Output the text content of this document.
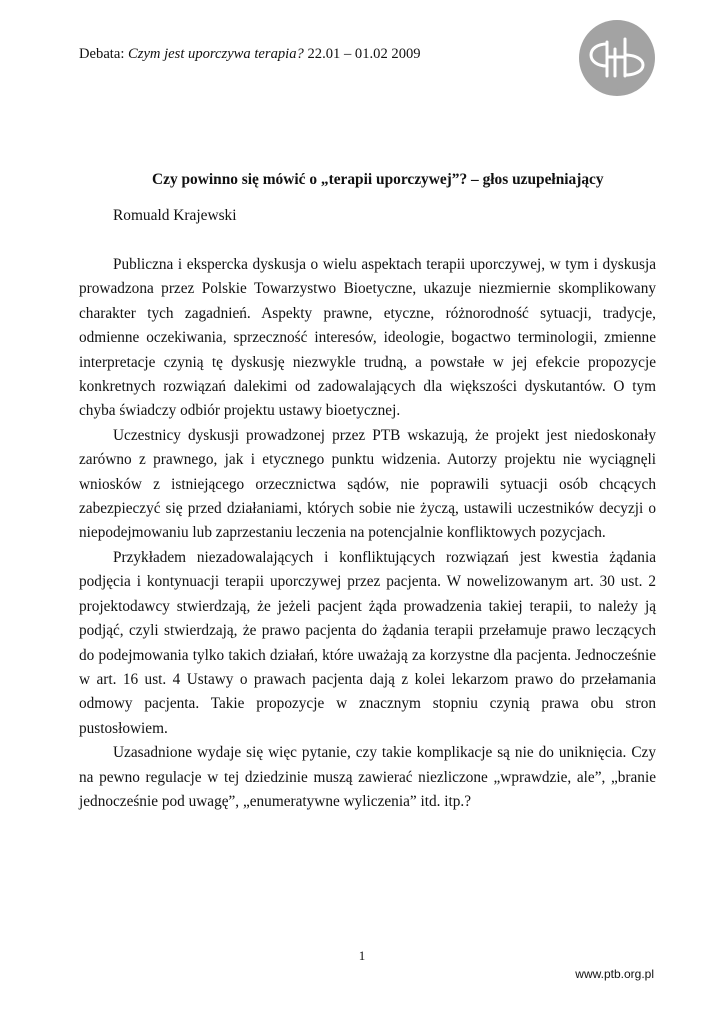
Debata: Czym jest uporczywa terapia? 22.01 – 01.02 2009
ptb
Czy powinno się mówić o „terapii uporczywej”? – głos uzupełniający
Romuald Krajewski

Publiczna i ekspercka dyskusja o wielu aspektach terapii uporczywej, w tym i dyskusja prowadzona przez Polskie Towarzystwo Bioetyczne, ukazuje niezmiernie skomplikowany charakter tych zagadnień. Aspekty prawne, etyczne, różnorodność sytuacji, tradycje, odmienne oczekiwania, sprzeczność interesów, ideologie, bogactwo terminologii, zmienne interpretacje czynią tę dyskusję niezwykle trudną, a powstałe w jej efekcie propozycje konkretnych rozwiązań dalekimi od zadowalających dla większości dyskutantów. O tym chyba świadczy odbiór projektu ustawy bioetycznej.

Uczestnicy dyskusji prowadzonej przez PTB wskazują, że projekt jest niedoskonały zarówno z prawnego, jak i etycznego punktu widzenia. Autorzy projektu nie wyciągnęli wniosków z istniejącego orzecznictwa sądów, nie poprawili sytuacji osób chcących zabezpieczyć się przed działaniami, których sobie nie życzą, ustawili uczestników decyzji o niepodejmowaniu lub zaprzestaniu leczenia na potencjalnie konfliktowych pozycjach.

Przykładem niezadowalających i konfliktujących rozwiązań jest kwestia żądania podjęcia i kontynuacji terapii uporczywej przez pacjenta. W nowelizowanym art. 30 ust. 2 projektodawcy stwierdzają, że jeżeli pacjent żąda prowadzenia takiej terapii, to należy ją podjąć, czyli stwierdzają, że prawo pacjenta do żądania terapii przełamuje prawo leczących do podejmowania tylko takich działań, które uważają za korzystne dla pacjenta. Jednocześnie w art. 16 ust. 4 Ustawy o prawach pacjenta dają z kolei lekarzom prawo do przełamania odmowy pacjenta. Takie propozycje w znacznym stopniu czynią prawa obu stron pustosłowiem.

Uzasadnione wydaje się więc pytanie, czy takie komplikacje są nie do uniknięcia. Czy na pewno regulacje w tej dziedzinie muszą zawierać niezliczone „wprawdzie, ale”, „branie jednocześnie pod uwagę”, „enumeratywne wyliczenia” itd. itp.?

1
www.ptb.org.pl
